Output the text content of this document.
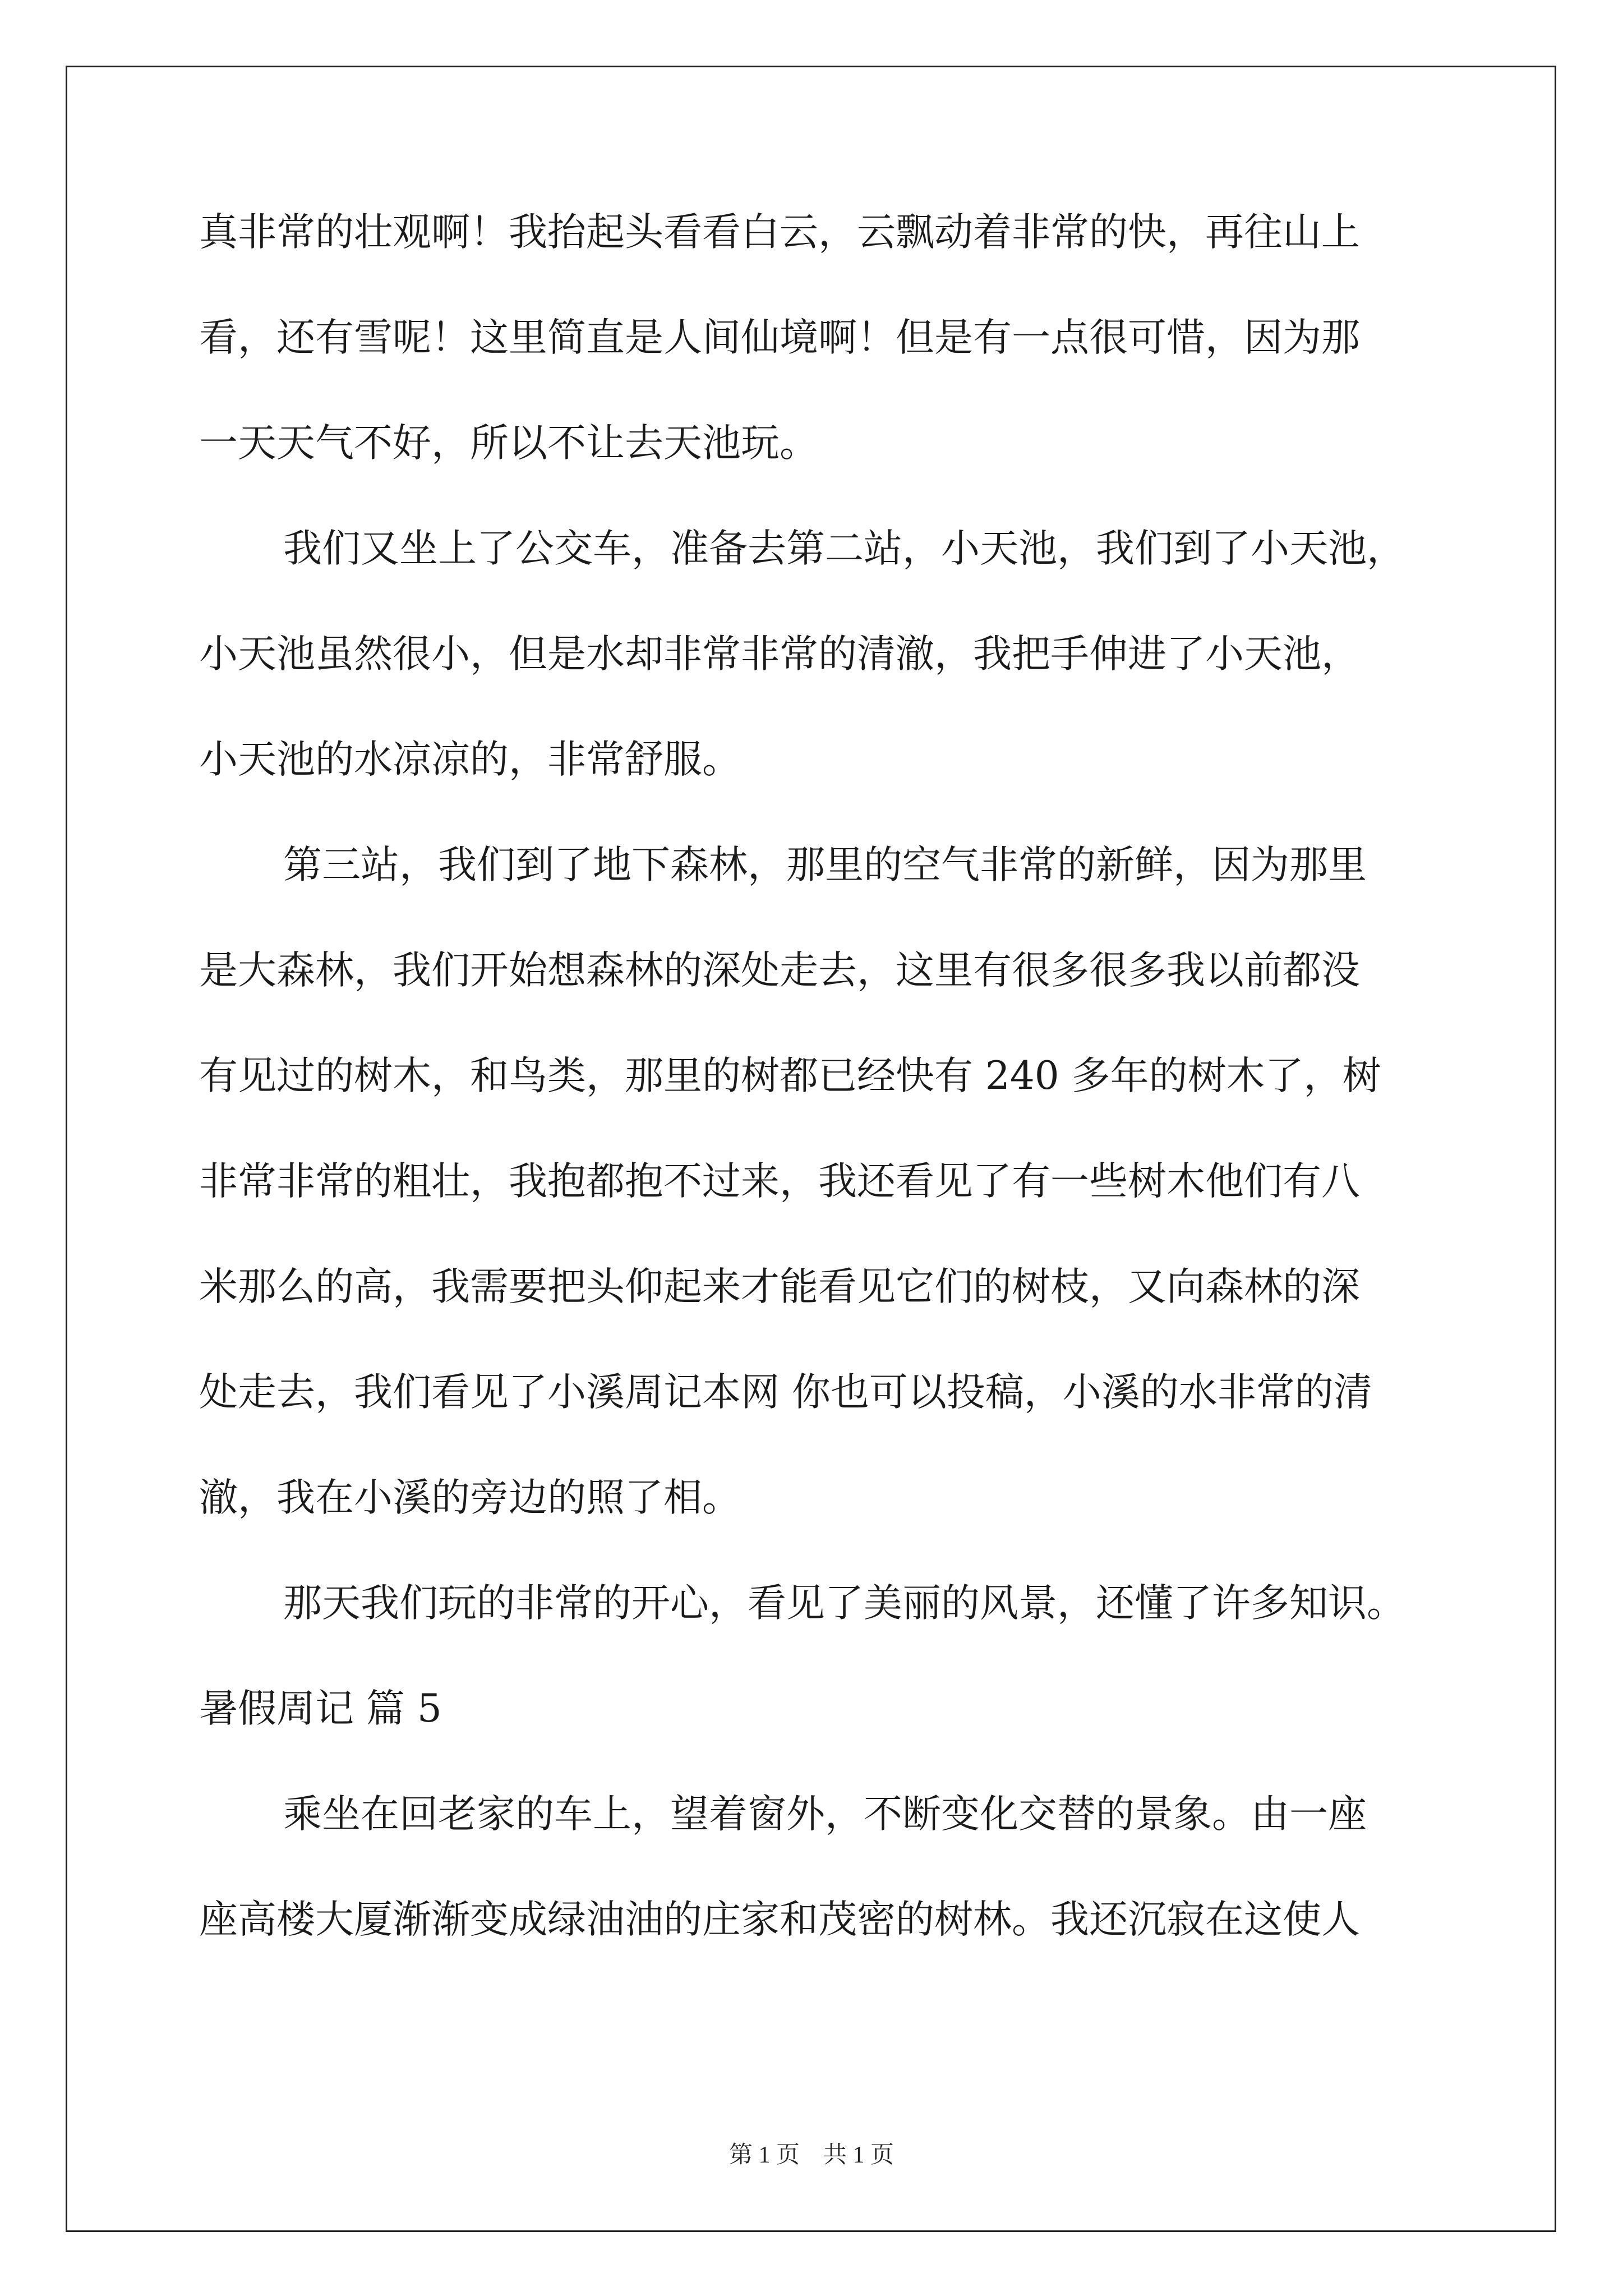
真非常的壮观啊！我抬起头看看白云，云飘动着非常的快，再往山上
看，还有雪呢！这里简直是人间仙境啊！但是有一点很可惜，因为那
一天天气不好，所以不让去天池玩。
我们又坐上了公交车，准备去第二站，小天池，我们到了小天池，
小天池虽然很小，但是水却非常非常的清澈，我把手伸进了小天池，
小天池的水凉凉的，非常舒服。
第三站，我们到了地下森林，那里的空气非常的新鲜，因为那里
是大森林，我们开始想森林的深处走去，这里有很多很多我以前都没
有见过的树木，和鸟类，那里的树都已经快有 240 多年的树木了，树
非常非常的粗壮，我抱都抱不过来，我还看见了有一些树木他们有八
米那么的高，我需要把头仰起来才能看见它们的树枝，又向森林的深
处走去，我们看见了小溪周记本网 你也可以投稿，小溪的水非常的清
澈，我在小溪的旁边的照了相。
那天我们玩的非常的开心，看见了美丽的风景，还懂了许多知识。
暑假周记 篇 5
乘坐在回老家的车上，望着窗外，不断变化交替的景象。由一座
座高楼大厦渐渐变成绿油油的庄家和茂密的树林。我还沉寂在这使人
第 1 页    共 1 页
